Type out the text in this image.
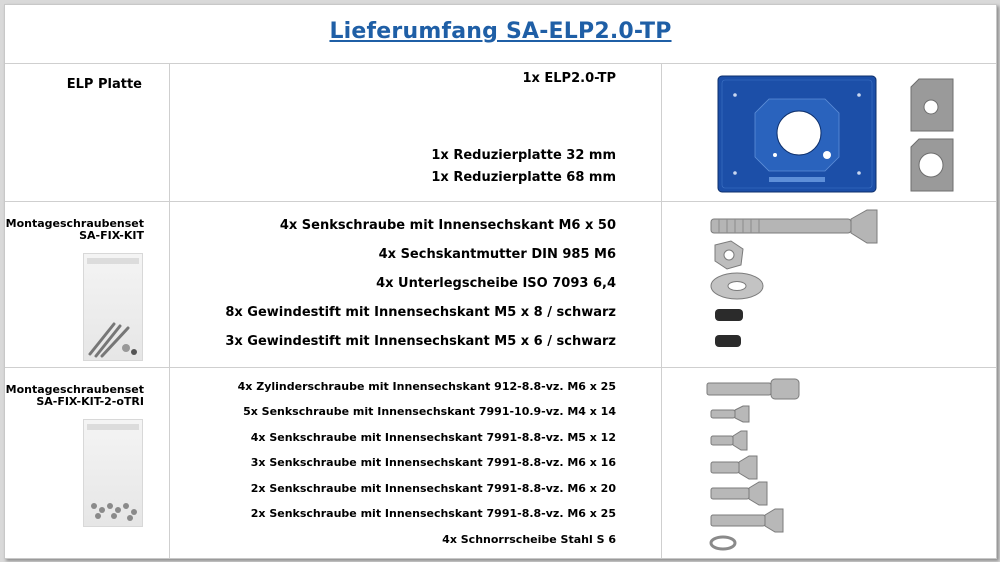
Lieferumfang SA-ELP2.0-TP
ELP Platte	1x ELP2.0-TP
1x Reduzierplatte 32 mm
1x Reduzierplatte 68 mm
Montageschraubenset
SA-FIX-KIT
4x Senkschraube mit Innensechskant M6 x 50
4x Sechskantmutter DIN 985 M6
4x Unterlegscheibe ISO 7093 6,4
8x Gewindestift mit Innensechskant M5 x 8 / schwarz
3x Gewindestift mit Innensechskant M5 x 6 / schwarz
Montageschraubenset
SA-FIX-KIT-2-oTRI
4x Zylinderschraube mit Innensechskant 912-8.8-vz. M6 x 25
5x Senkschraube mit Innensechskant 7991-10.9-vz. M4 x 14
4x Senkschraube mit Innensechskant 7991-8.8-vz. M5 x 12
3x Senkschraube mit Innensechskant 7991-8.8-vz. M6 x 16
2x Senkschraube mit Innensechskant 7991-8.8-vz. M6 x 20
2x Senkschraube mit Innensechskant 7991-8.8-vz. M6 x 25
4x Schnorrscheibe Stahl S 6
